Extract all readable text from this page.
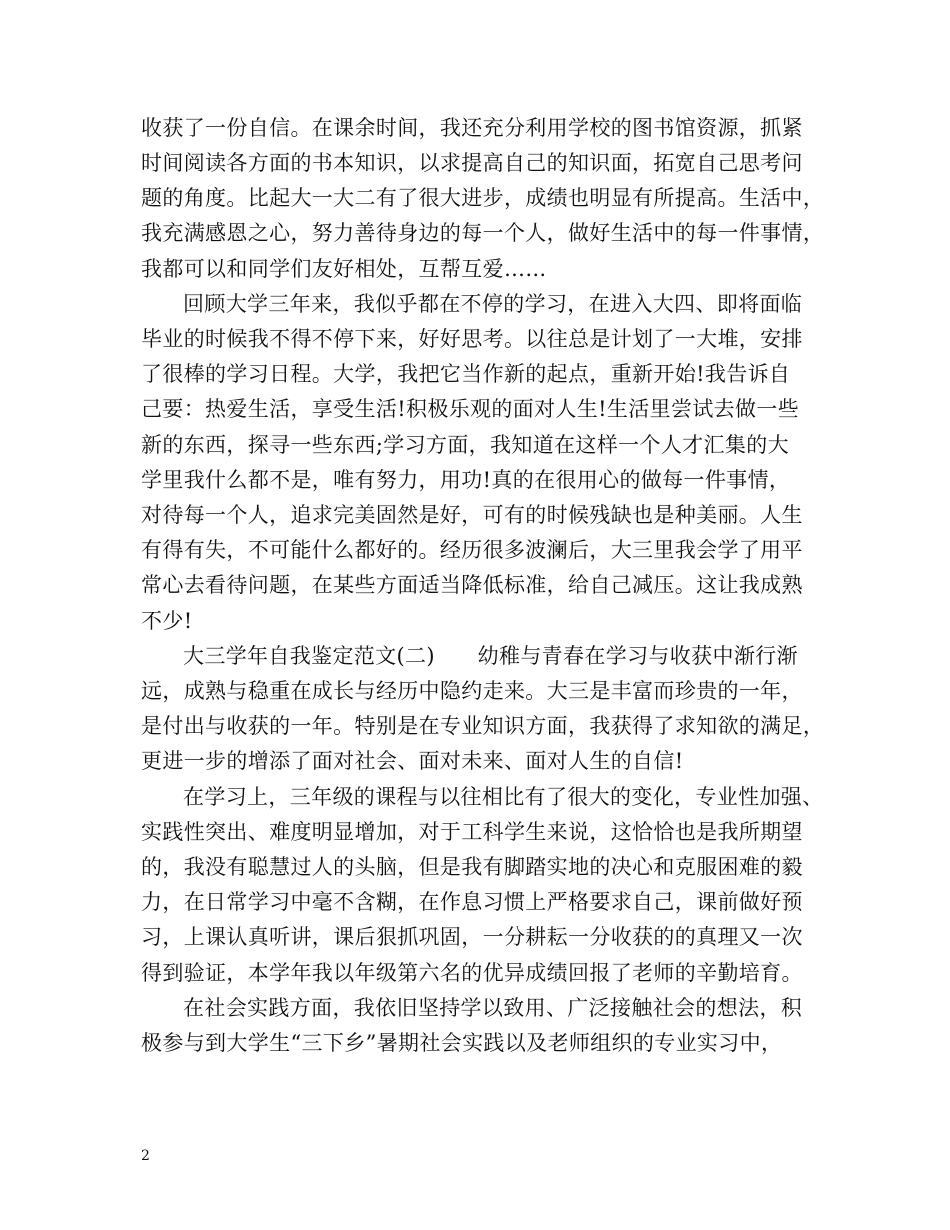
收获了一份自信。在课余时间，我还充分利用学校的图书馆资源，抓紧
时间阅读各方面的书本知识，以求提高自己的知识面，拓宽自己思考问
题的角度。比起大一大二有了很大进步，成绩也明显有所提高。生活中，
我充满感恩之心，努力善待身边的每一个人，做好生活中的每一件事情，
我都可以和同学们友好相处，互帮互爱……
回顾大学三年来，我似乎都在不停的学习，在进入大四、即将面临
毕业的时候我不得不停下来，好好思考。以往总是计划了一大堆，安排
了很棒的学习日程。大学，我把它当作新的起点，重新开始!我告诉自
己要：热爱生活，享受生活!积极乐观的面对人生!生活里尝试去做一些
新的东西，探寻一些东西;学习方面，我知道在这样一个人才汇集的大
学里我什么都不是，唯有努力，用功!真的在很用心的做每一件事情，
对待每一个人，追求完美固然是好，可有的时候残缺也是种美丽。人生
有得有失，不可能什么都好的。经历很多波澜后，大三里我会学了用平
常心去看待问题，在某些方面适当降低标准，给自己减压。这让我成熟
不少!
大三学年自我鉴定范文(二)　　幼稚与青春在学习与收获中渐行渐
远，成熟与稳重在成长与经历中隐约走来。大三是丰富而珍贵的一年，
是付出与收获的一年。特别是在专业知识方面，我获得了求知欲的满足，
更进一步的增添了面对社会、面对未来、面对人生的自信!
在学习上，三年级的课程与以往相比有了很大的变化，专业性加强、
实践性突出、难度明显增加，对于工科学生来说，这恰恰也是我所期望
的，我没有聪慧过人的头脑，但是我有脚踏实地的决心和克服困难的毅
力，在日常学习中毫不含糊，在作息习惯上严格要求自己，课前做好预
习，上课认真听讲，课后狠抓巩固，一分耕耘一分收获的的真理又一次
得到验证，本学年我以年级第六名的优异成绩回报了老师的辛勤培育。
在社会实践方面，我依旧坚持学以致用、广泛接触社会的想法，积
极参与到大学生“三下乡”暑期社会实践以及老师组织的专业实习中，
2
